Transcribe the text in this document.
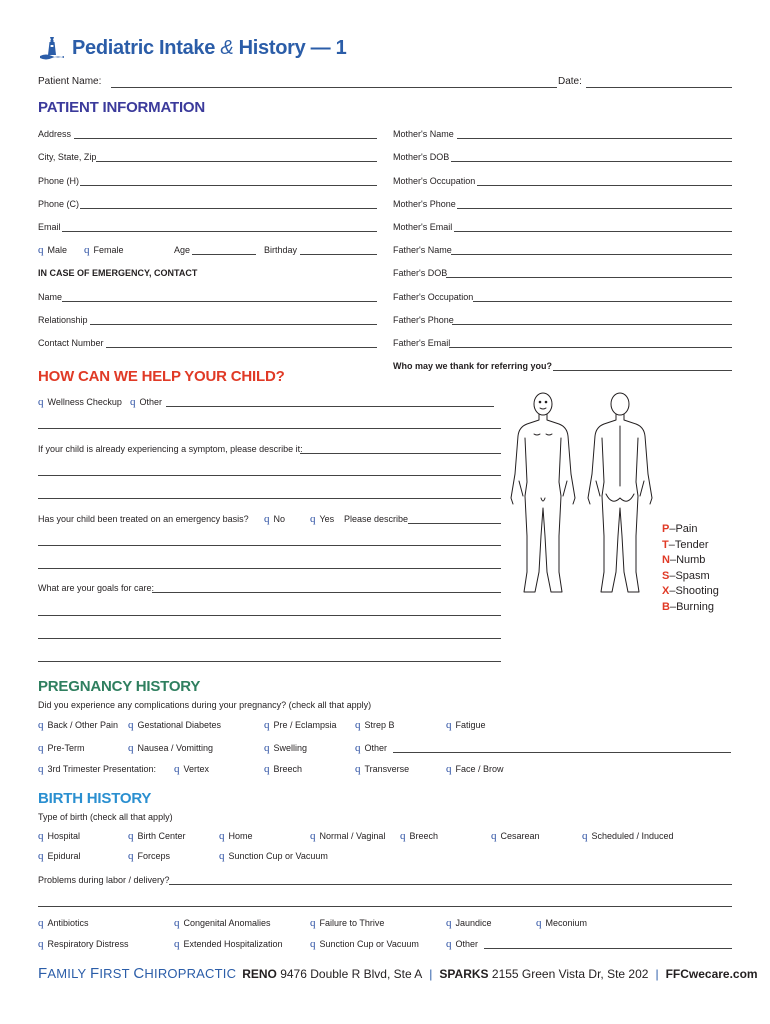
Pediatric Intake & History — 1
Patient Name:	Date:
PATIENT INFORMATION
Address
City, State, Zip
Phone (H)
Phone (C)
Email
q Male q Female	Age	Birthday
IN CASE OF EMERGENCY, CONTACT
Name
Relationship
Contact Number
Mother's Name
Mother's DOB
Mother's Occupation
Mother's Phone
Mother's Email
Father's Name
Father's DOB
Father's Occupation
Father's Phone
Father's Email
Who may we thank for referring you?
HOW CAN WE HELP YOUR CHILD?
q Wellness Checkup q Other
If your child is already experiencing a symptom, please describe it:
Has your child been treated on an emergency basis? q No q Yes Please describe
What are your goals for care:
P–Pain
T–Tender
N–Numb
S–Spasm
X–Shooting
B–Burning
PREGNANCY HISTORY
Did you experience any complications during your pregnancy? (check all that apply)
q Back / Other Pain q Gestational Diabetes	q Pre / Eclampsia q Strep B	q Fatigue
q Pre-Term	q Nausea / Vomitting	q Swelling	q Other
q 3rd Trimester Presentation: q Vertex	q Breech	q Transverse	q Face / Brow
BIRTH HISTORY
Type of birth (check all that apply)
q Hospital	q Birth Center	q Home	q Normal / Vaginal q Breech	q Cesarean	q Scheduled / Induced
q Epidural	q Forceps	q Sunction Cup or Vacuum
Problems during labor / delivery?
q Antibiotics	q Congenital Anomalies	q Failure to Thrive	q Jaundice	q Meconium
q Respiratory Distress	q Extended Hospitalization q Sunction Cup or Vacuum q Other
FAMILY FIRST CHIROPRACTIC RENO 9476 Double R Blvd, Ste A | SPARKS 2155 Green Vista Dr, Ste 202 | FFCwecare.com
